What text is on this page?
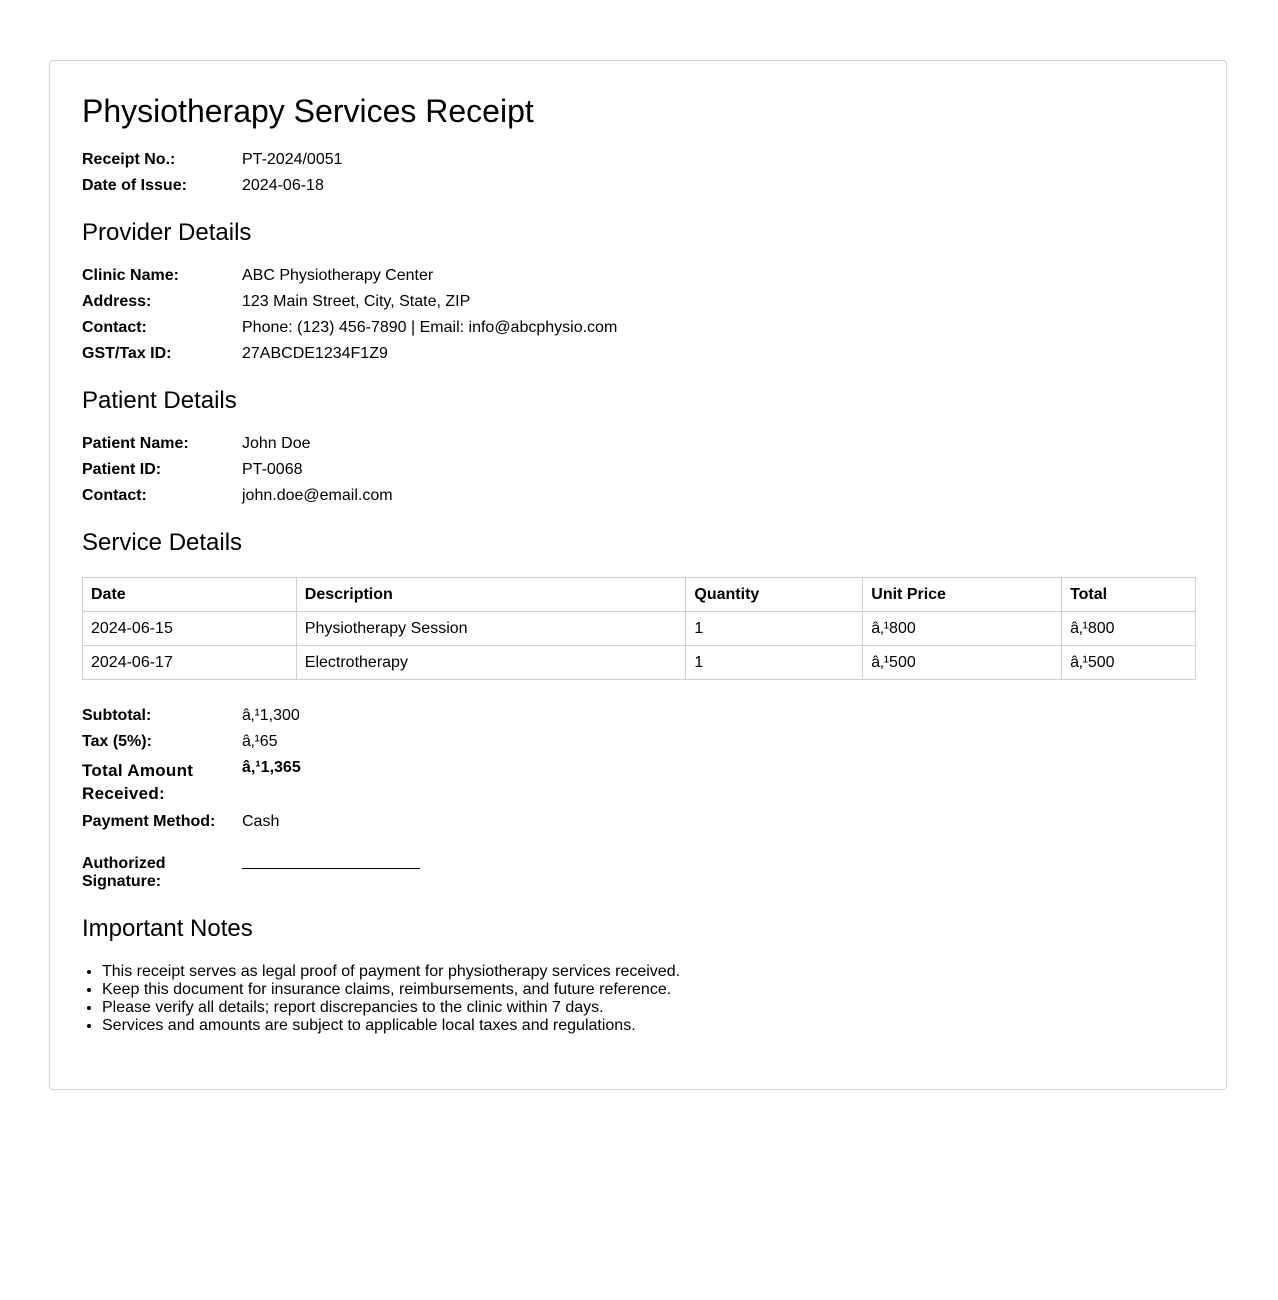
Physiotherapy Services Receipt
Receipt No.:	PT-2024/0051
Date of Issue:	2024-06-18
Provider Details
Clinic Name:	ABC Physiotherapy Center
Address:	123 Main Street, City, State, ZIP
Contact:	Phone: (123) 456-7890 | Email: info@abcphysio.com
GST/Tax ID:	27ABCDE1234F1Z9
Patient Details
Patient Name:	John Doe
Patient ID:	PT-0068
Contact:	john.doe@email.com
Service Details
Date	Description	Quantity	Unit Price	Total
2024-06-15	Physiotherapy Session	1	â‚¹800	â‚¹800
2024-06-17	Electrotherapy	1	â‚¹500	â‚¹500
Subtotal:	â‚¹1,300
Tax (5%):	â‚¹65
Total Amount Received:
â‚¹1,365
Payment Method:	Cash
Authorized Signature:
Important Notes
• This receipt serves as legal proof of payment for physiotherapy services received.
• Keep this document for insurance claims, reimbursements, and future reference.
• Please verify all details; report discrepancies to the clinic within 7 days.
• Services and amounts are subject to applicable local taxes and regulations.
